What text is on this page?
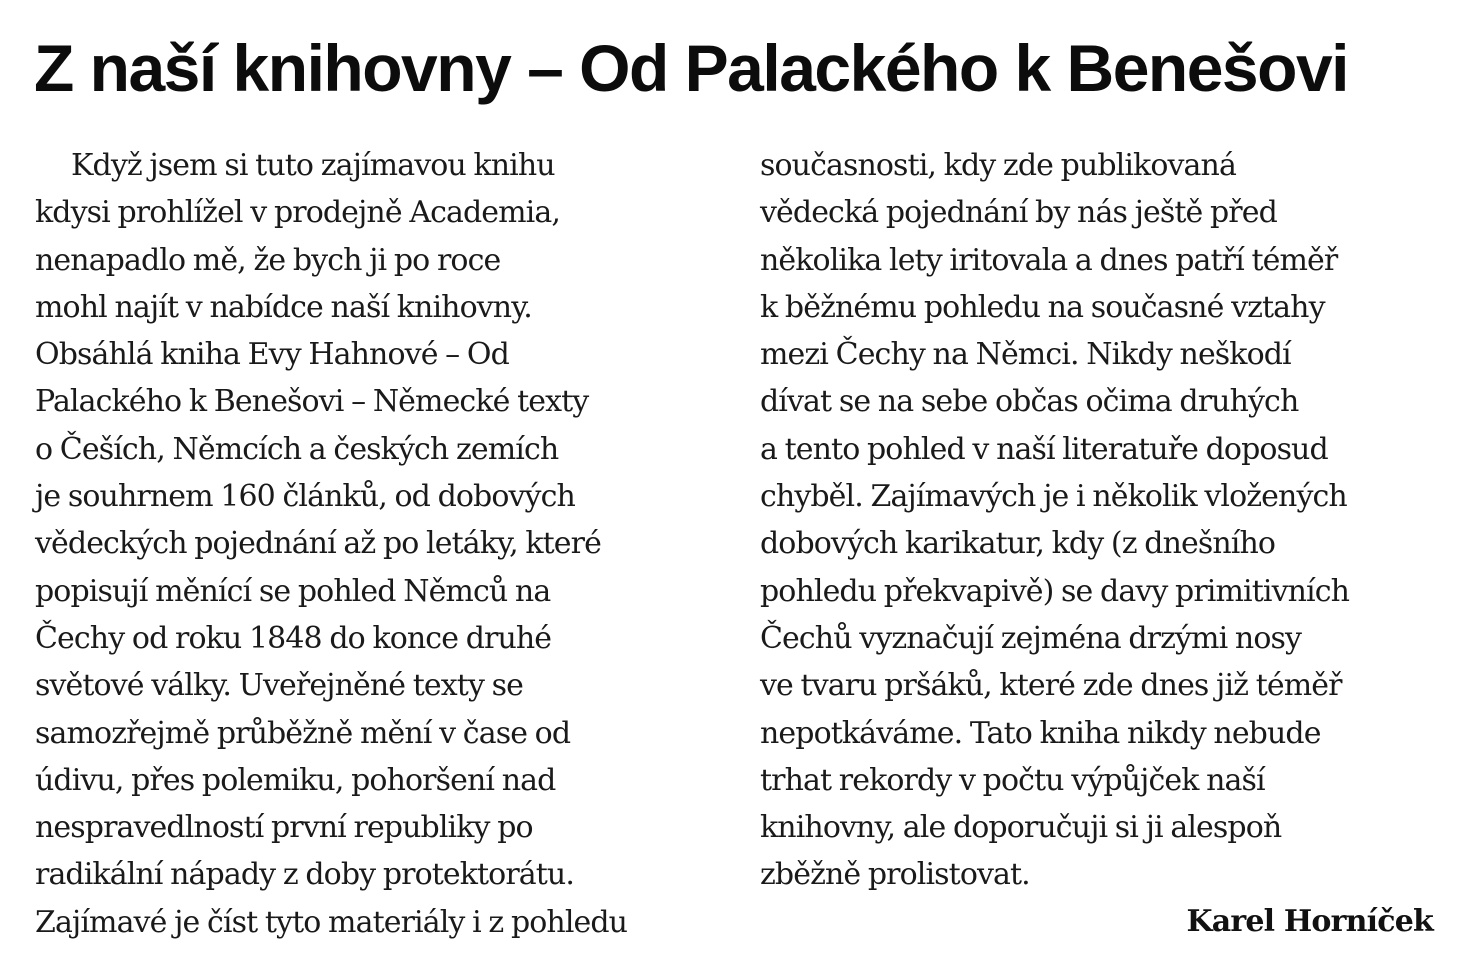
Z naší knihovny – Od Palackého k Benešovi
Když jsem si tuto zajímavou knihu
kdysi prohlížel v prodejně Academia,
nenapadlo mě, že bych ji po roce
mohl najít v nabídce naší knihovny.
Obsáhlá kniha Evy Hahnové – Od
Palackého k Benešovi – Německé texty
o Češích, Němcích a českých zemích
je souhrnem 160 článků, od dobových
vědeckých pojednání až po letáky, které
popisují měnící se pohled Němců na
Čechy od roku 1848 do konce druhé
světové války. Uveřejněné texty se
samozřejmě průběžně mění v čase od
údivu, přes polemiku, pohoršení nad
nespravedlností první republiky po
radikální nápady z doby protektorátu.
Zajímavé je číst tyto materiály i z pohledu
současnosti, kdy zde publikovaná
vědecká pojednání by nás ještě před
několika lety iritovala a dnes patří téměř
k běžnému pohledu na současné vztahy
mezi Čechy na Němci. Nikdy neškodí
dívat se na sebe občas očima druhých
a tento pohled v naší literatuře doposud
chyběl. Zajímavých je i několik vložených
dobových karikatur, kdy (z dnešního
pohledu překvapivě) se davy primitivních
Čechů vyznačují zejména drzými nosy
ve tvaru pršáků, které zde dnes již téměř
nepotkáváme. Tato kniha nikdy nebude
trhat rekordy v počtu výpůjček naší
knihovny, ale doporučuji si ji alespoň
zběžně prolistovat.

Karel Horníček
